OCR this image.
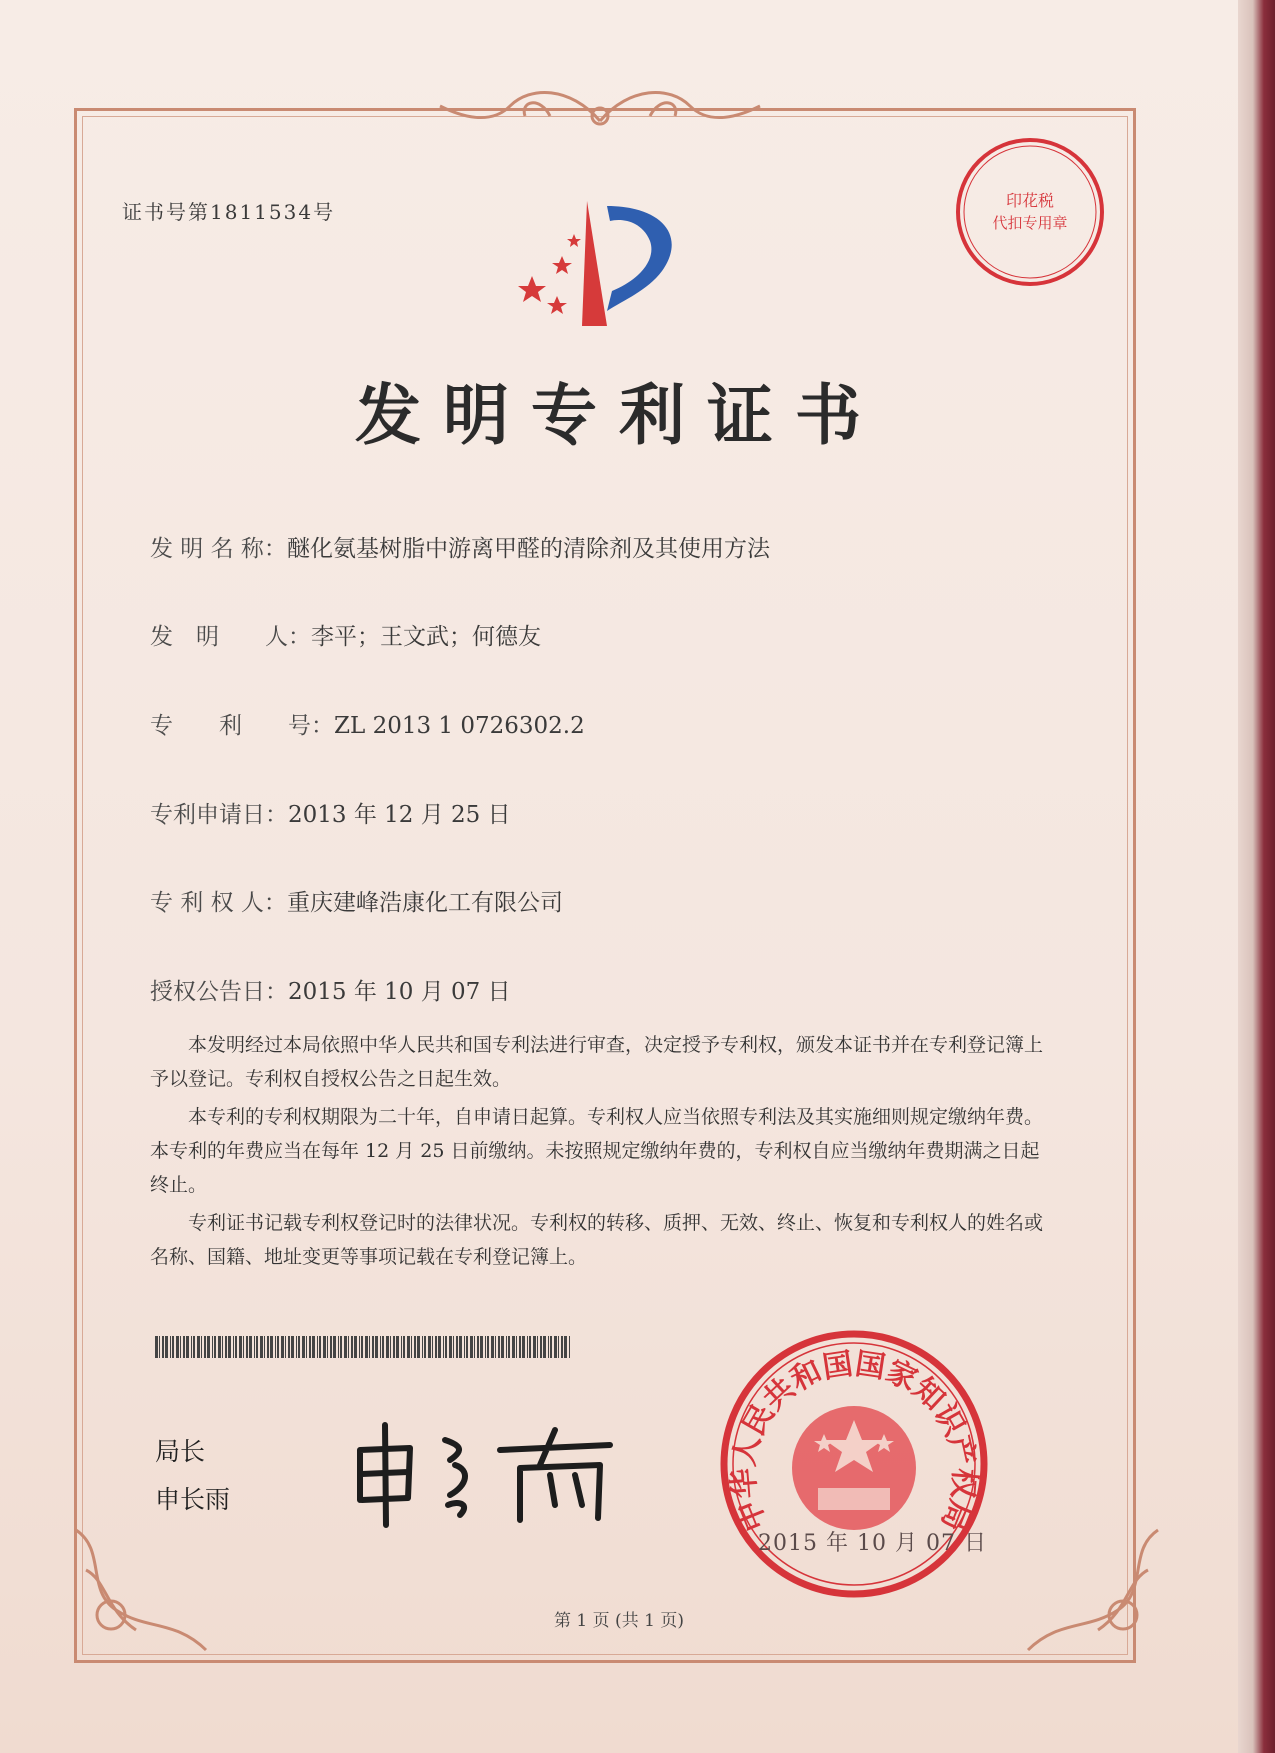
证书号第1811534号	印花税
代扣专用章
发明专利证书
发 明 名 称：醚化氨基树脂中游离甲醛的清除剂及其使用方法
发　明　　人：李平；王文武；何德友
专　　利　　号：ZL 2013 1 0726302.2
专利申请日：2013 年 12 月 25 日
专 利 权 人：重庆建峰浩康化工有限公司
授权公告日：2015 年 10 月 07 日
本发明经过本局依照中华人民共和国专利法进行审查，决定授予专利权，颁发本证书并在专利登记簿上予以登记。专利权自授权公告之日起生效。
本专利的专利权期限为二十年，自申请日起算。专利权人应当依照专利法及其实施细则规定缴纳年费。本专利的年费应当在每年 12 月 25 日前缴纳。未按照规定缴纳年费的，专利权自应当缴纳年费期满之日起终止。
专利证书记载专利权登记时的法律状况。专利权的转移、质押、无效、终止、恢复和专利权人的姓名或名称、国籍、地址变更等事项记载在专利登记簿上。
局长
申长雨	中华人民共和国国家知识产权局
2015 年 10 月 07 日
第 1 页 (共 1 页)
